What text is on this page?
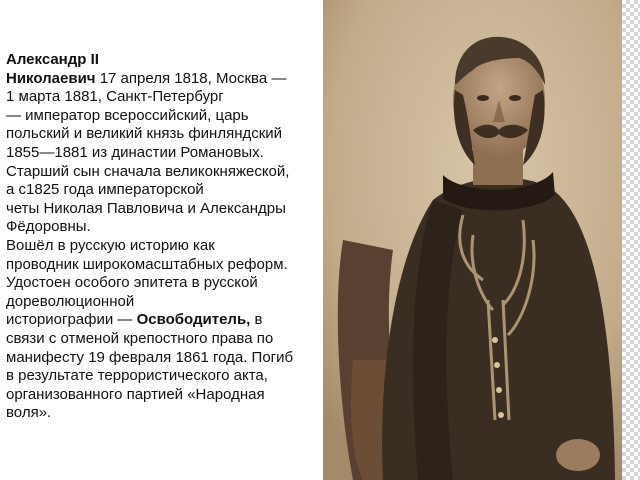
Александр II
Николаевич 17 апреля 1818, Москва —
1 марта 1881, Санкт-Петербург
— император всероссийский, царь
польский и великий князь финляндский
1855—1881 из династии Романовых.
Старший сын сначала великокняжеской,
а с1825 года императорской
четы Николая Павловича и Александры
Фёдоровны.
Вошёл в русскую историю как
проводник широкомасштабных реформ.
Удостоен особого эпитета в русской
дореволюционной
историографии — Освободитель, в
связи с отменой крепостного права по
манифесту 19 февраля 1861 года. Погиб
в результате террористического акта,
организованного партией «Народная
воля».
